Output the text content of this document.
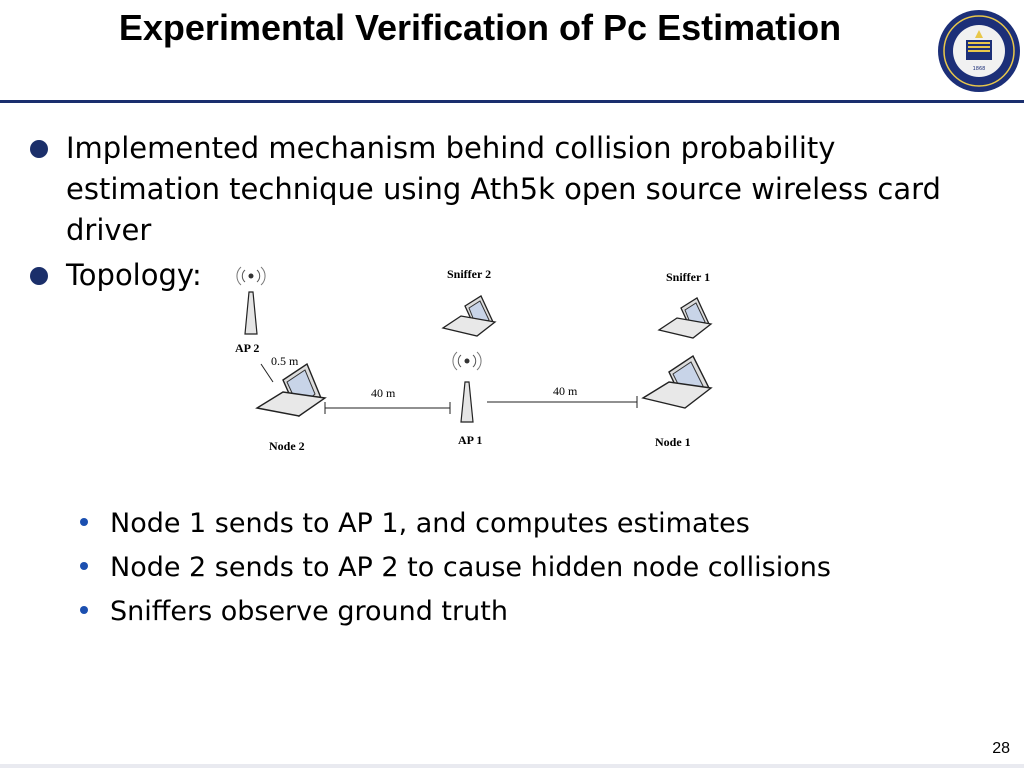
Experimental Verification of Pc Estimation
1868
Implemented mechanism behind collision probability estimation technique using Ath5k open source wireless card driver
Topology:
AP 2
0.5 m
Node 2
40 m
Sniffer 2
AP 1
40 m
Sniffer 1
Node 1
Node 1 sends to AP 1, and computes estimates
Node 2 sends to AP 2 to cause hidden node collisions
Sniffers observe ground truth
28
